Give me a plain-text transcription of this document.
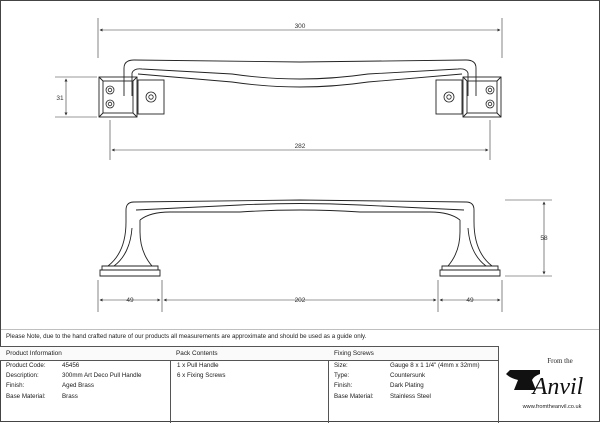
300
282
31
58
49	202	49
Please Note, due to the hand crafted nature of our products all measurements are approximate and should be used as a guide only.
Product Information
Product Code:	45456
Description:	300mm Art Deco Pull Handle
Finish:	Aged Brass
Base Material:	Brass
Pack Contents
1 x Pull Handle
6 x Fixing Screws
Fixing Screws
Size:	Gauge 8 x 1 1/4" (4mm x 32mm)
Type:	Countersunk
Finish:	Dark Plating
Base Material:	Stainless Steel
From the
Anvil
www.fromtheanvil.co.uk
